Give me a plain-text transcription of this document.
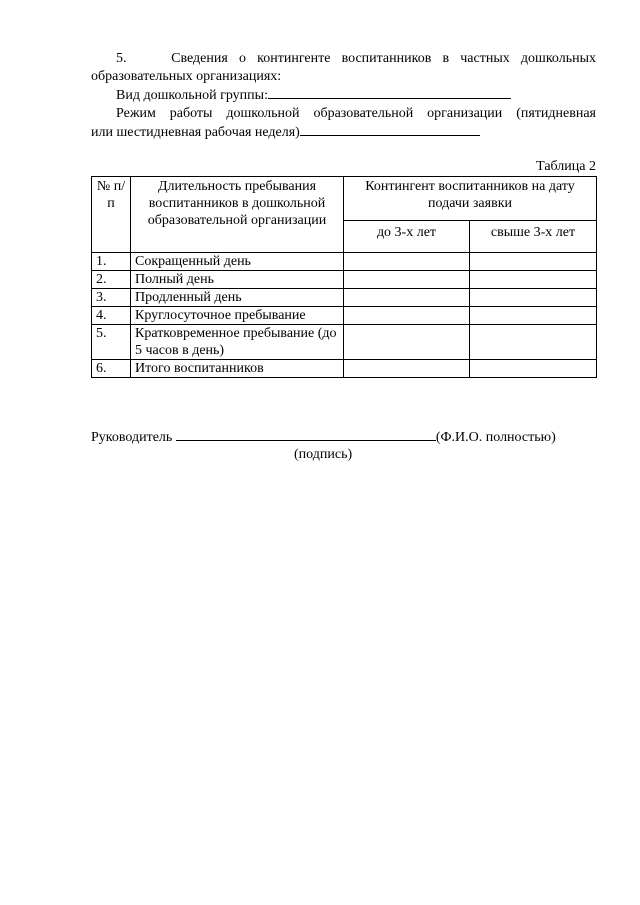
5.	Сведения о контингенте воспитанников в частных дошкольных

образовательных организациях:

Вид дошкольной группы:

Режим работы дошкольной образовательной организации (пятидневная

или шестидневная рабочая неделя)

Таблица 2
№ п/п	Длительность пребывания воспитанников в дошкольной образовательной организации	Контингент воспитанников на дату подачи заявки	
		до 3-х лет	свыше 3-х лет
1.	Сокращенный день		
2.	Полный день		
3.	Продленный день		
4.	Круглосуточное пребывание		
5.	Кратковременное пребывание (до 5 часов в день)		
6.	Итого воспитанников		
Руководитель	(Ф.И.О. полностью)
(подпись)
